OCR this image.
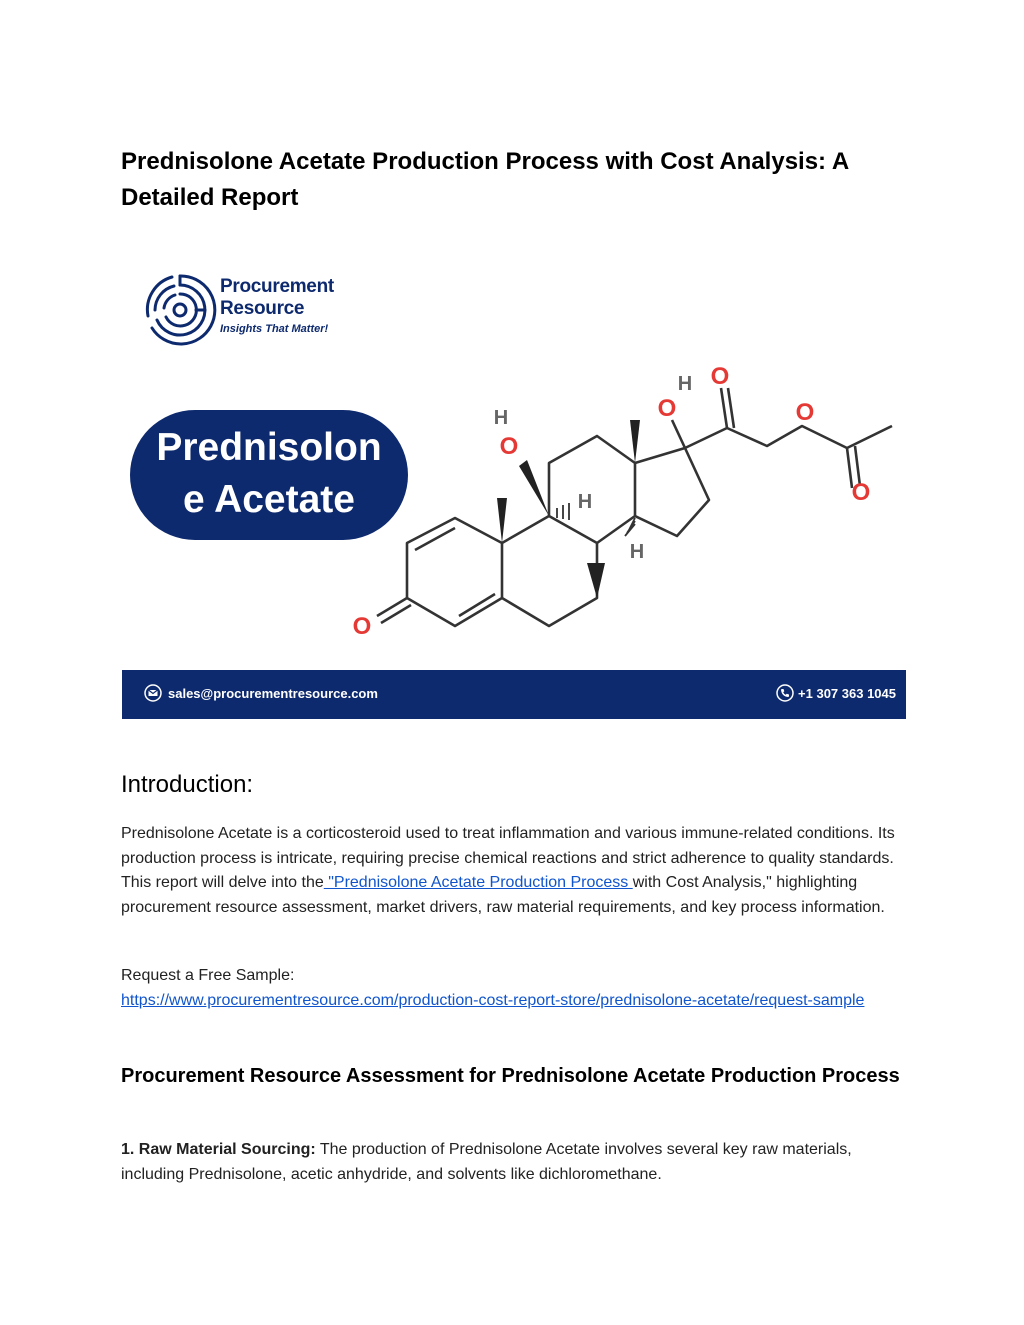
Prednisolone Acetate Production Process with Cost Analysis: A Detailed Report
Procurement
Resource
Insights That Matter!
Prednisolon
e Acetate
O
O
O
O
O
O
H
H
H
H
sales@procurementresource.com	+1 307 363 1045
Introduction:
Prednisolone Acetate is a corticosteroid used to treat inflammation and various immune-related conditions. Its production process is intricate, requiring precise chemical reactions and strict adherence to quality standards. This report will delve into the "Prednisolone Acetate Production Process with Cost Analysis," highlighting procurement resource assessment, market drivers, raw material requirements, and key process information.
Request a Free Sample:
https://www.procurementresource.com/production-cost-report-store/prednisolone-acetate/request-sample
Procurement Resource Assessment for Prednisolone Acetate Production Process
1. Raw Material Sourcing: The production of Prednisolone Acetate involves several key raw materials, including Prednisolone, acetic anhydride, and solvents like dichloromethane.
